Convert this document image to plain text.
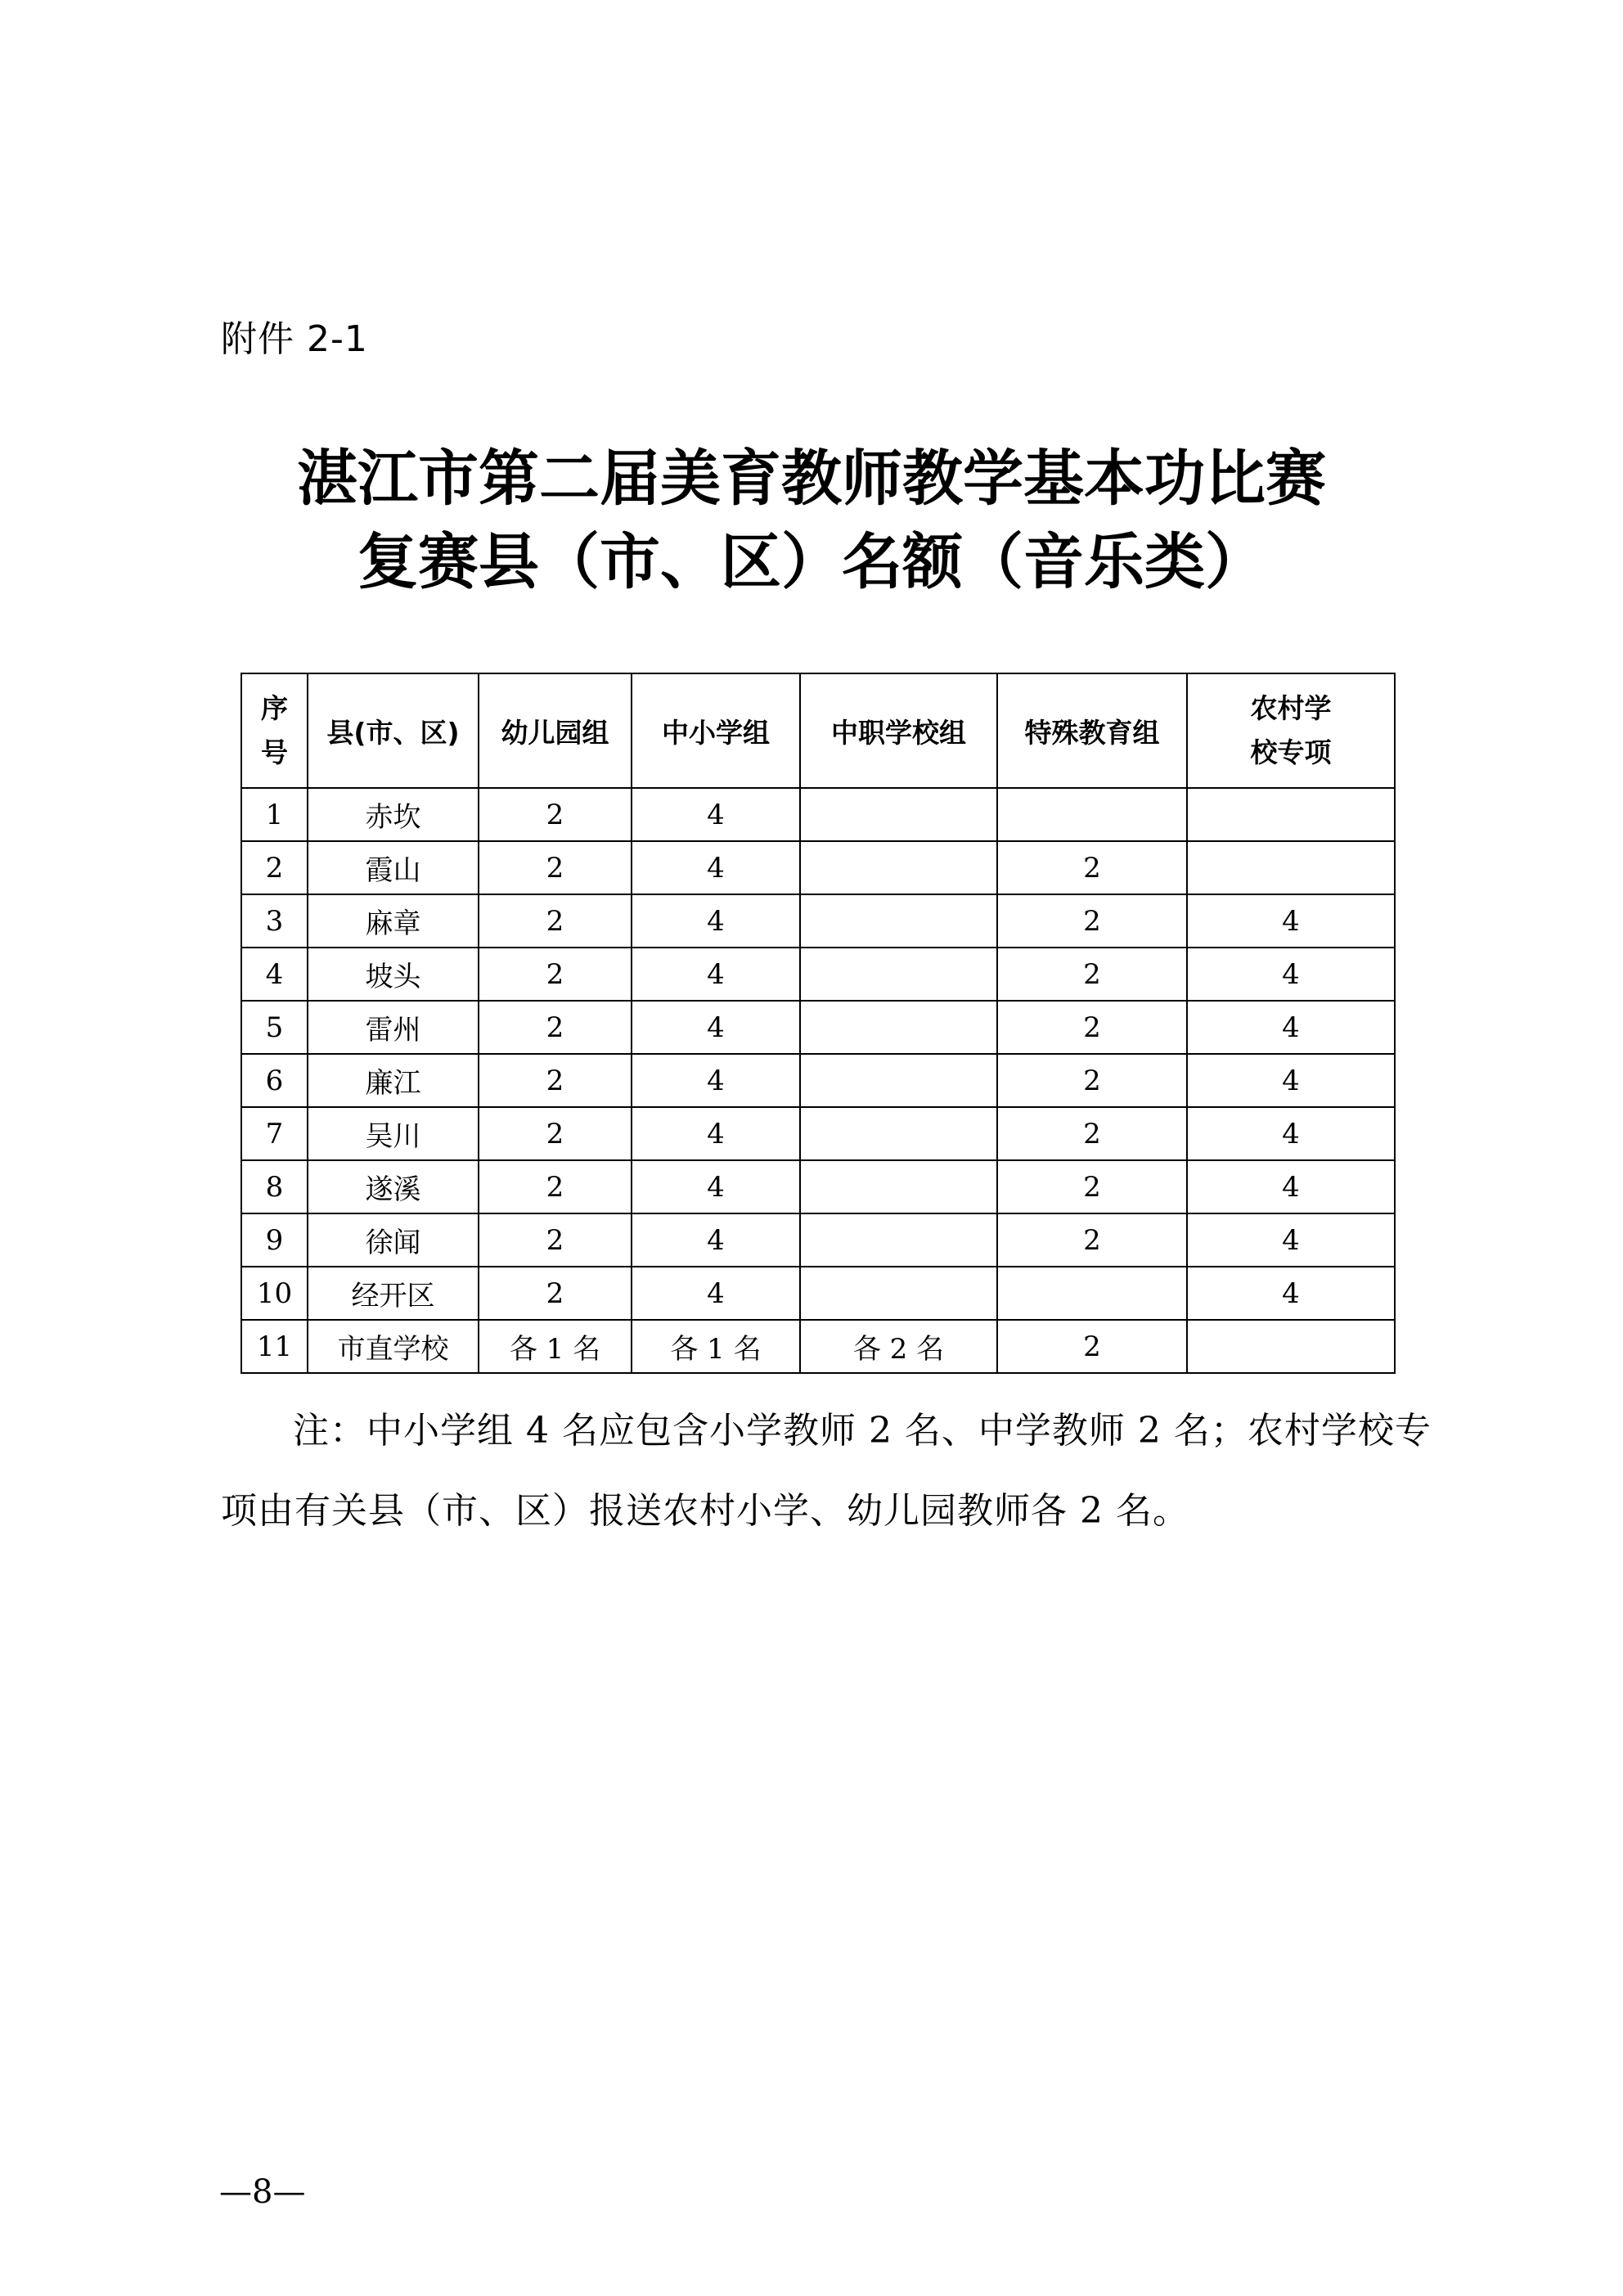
附件 2-1
湛江市第二届美育教师教学基本功比赛
复赛县（市、区）名额（音乐类）
序
号	县(市、区)	幼儿园组	中小学组	中职学校组	特殊教育组	农村学
校专项

1	赤坎	2	4			
2	霞山	2	4		2	
3	麻章	2	4		2	4
4	坡头	2	4		2	4
5	雷州	2	4		2	4
6	廉江	2	4		2	4
7	吴川	2	4		2	4
8	遂溪	2	4		2	4
9	徐闻	2	4		2	4
10	经开区	2	4			4
11	市直学校	各 1 名	各 1 名	各 2 名	2	
注：中小学组 4 名应包含小学教师 2 名、中学教师 2 名；农村学校专项由有关县（市、区）报送农村小学、幼儿园教师各 2 名。
—8—
